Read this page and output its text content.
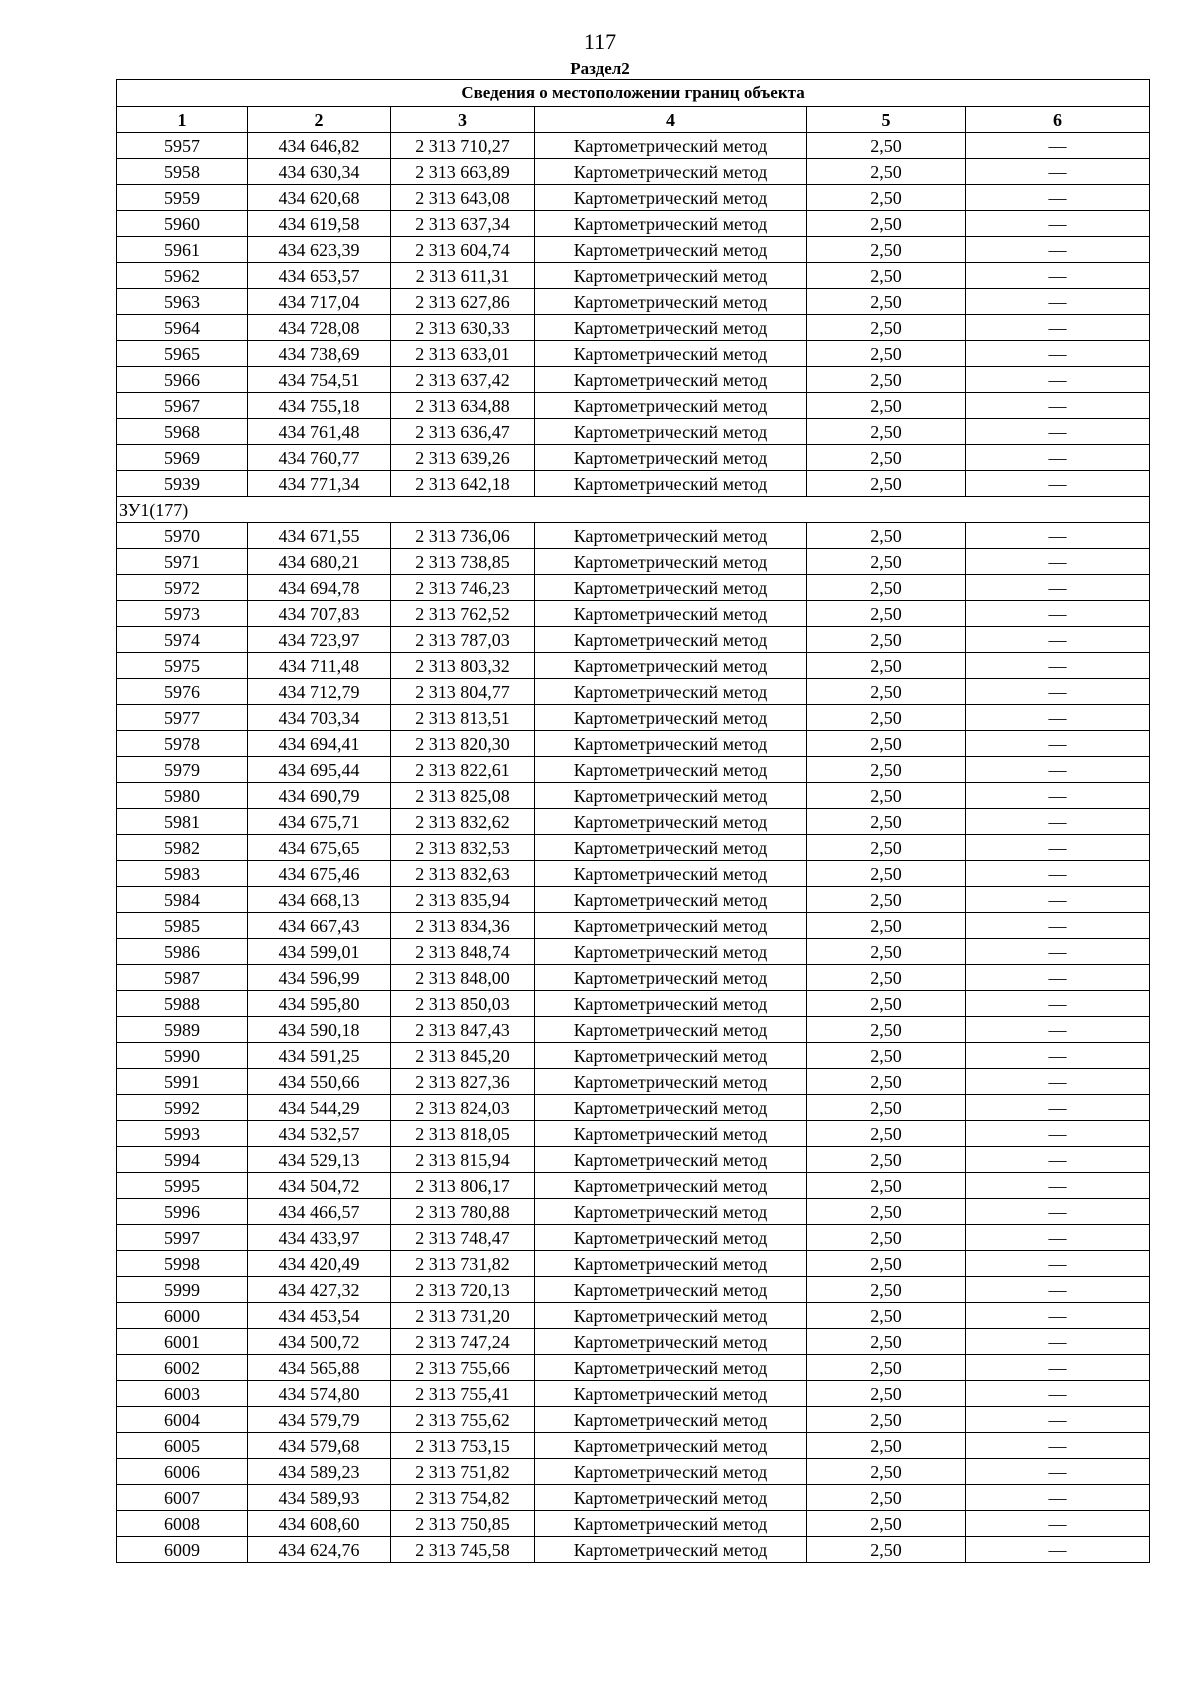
117
Раздел2
Сведения о местоположении границ объекта					
1	2	3	4	5	6
5957	434 646,82	2 313 710,27	Картометрический метод	2,50	—
5958	434 630,34	2 313 663,89	Картометрический метод	2,50	—
5959	434 620,68	2 313 643,08	Картометрический метод	2,50	—
5960	434 619,58	2 313 637,34	Картометрический метод	2,50	—
5961	434 623,39	2 313 604,74	Картометрический метод	2,50	—
5962	434 653,57	2 313 611,31	Картометрический метод	2,50	—
5963	434 717,04	2 313 627,86	Картометрический метод	2,50	—
5964	434 728,08	2 313 630,33	Картометрический метод	2,50	—
5965	434 738,69	2 313 633,01	Картометрический метод	2,50	—
5966	434 754,51	2 313 637,42	Картометрический метод	2,50	—
5967	434 755,18	2 313 634,88	Картометрический метод	2,50	—
5968	434 761,48	2 313 636,47	Картометрический метод	2,50	—
5969	434 760,77	2 313 639,26	Картометрический метод	2,50	—
5939	434 771,34	2 313 642,18	Картометрический метод	2,50	—
ЗУ1(177)					
5970	434 671,55	2 313 736,06	Картометрический метод	2,50	—
5971	434 680,21	2 313 738,85	Картометрический метод	2,50	—
5972	434 694,78	2 313 746,23	Картометрический метод	2,50	—
5973	434 707,83	2 313 762,52	Картометрический метод	2,50	—
5974	434 723,97	2 313 787,03	Картометрический метод	2,50	—
5975	434 711,48	2 313 803,32	Картометрический метод	2,50	—
5976	434 712,79	2 313 804,77	Картометрический метод	2,50	—
5977	434 703,34	2 313 813,51	Картометрический метод	2,50	—
5978	434 694,41	2 313 820,30	Картометрический метод	2,50	—
5979	434 695,44	2 313 822,61	Картометрический метод	2,50	—
5980	434 690,79	2 313 825,08	Картометрический метод	2,50	—
5981	434 675,71	2 313 832,62	Картометрический метод	2,50	—
5982	434 675,65	2 313 832,53	Картометрический метод	2,50	—
5983	434 675,46	2 313 832,63	Картометрический метод	2,50	—
5984	434 668,13	2 313 835,94	Картометрический метод	2,50	—
5985	434 667,43	2 313 834,36	Картометрический метод	2,50	—
5986	434 599,01	2 313 848,74	Картометрический метод	2,50	—
5987	434 596,99	2 313 848,00	Картометрический метод	2,50	—
5988	434 595,80	2 313 850,03	Картометрический метод	2,50	—
5989	434 590,18	2 313 847,43	Картометрический метод	2,50	—
5990	434 591,25	2 313 845,20	Картометрический метод	2,50	—
5991	434 550,66	2 313 827,36	Картометрический метод	2,50	—
5992	434 544,29	2 313 824,03	Картометрический метод	2,50	—
5993	434 532,57	2 313 818,05	Картометрический метод	2,50	—
5994	434 529,13	2 313 815,94	Картометрический метод	2,50	—
5995	434 504,72	2 313 806,17	Картометрический метод	2,50	—
5996	434 466,57	2 313 780,88	Картометрический метод	2,50	—
5997	434 433,97	2 313 748,47	Картометрический метод	2,50	—
5998	434 420,49	2 313 731,82	Картометрический метод	2,50	—
5999	434 427,32	2 313 720,13	Картометрический метод	2,50	—
6000	434 453,54	2 313 731,20	Картометрический метод	2,50	—
6001	434 500,72	2 313 747,24	Картометрический метод	2,50	—
6002	434 565,88	2 313 755,66	Картометрический метод	2,50	—
6003	434 574,80	2 313 755,41	Картометрический метод	2,50	—
6004	434 579,79	2 313 755,62	Картометрический метод	2,50	—
6005	434 579,68	2 313 753,15	Картометрический метод	2,50	—
6006	434 589,23	2 313 751,82	Картометрический метод	2,50	—
6007	434 589,93	2 313 754,82	Картометрический метод	2,50	—
6008	434 608,60	2 313 750,85	Картометрический метод	2,50	—
6009	434 624,76	2 313 745,58	Картометрический метод	2,50	—
